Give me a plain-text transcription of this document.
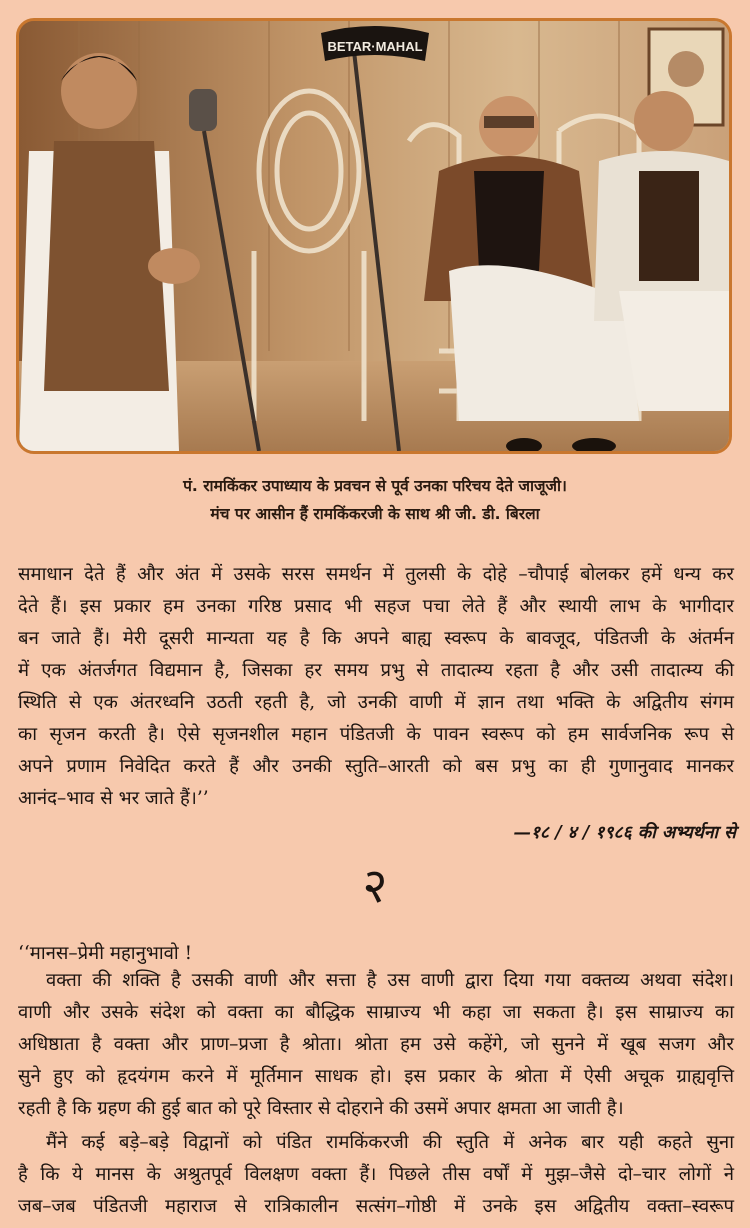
BETAR·MAHAL
पं. रामकिंकर उपाध्याय के प्रवचन से पूर्व उनका परिचय देते जाजूजी।
मंच पर आसीन हैं रामकिंकरजी के साथ श्री जी. डी. बिरला
समाधान देते हैं और अंत में उसके सरस समर्थन में तुलसी के दोहे –चौपाई बोलकर हमें धन्य कर
देते हैं। इस प्रकार हम उनका गरिष्ठ प्रसाद भी सहज पचा लेते हैं और स्थायी लाभ के भागीदार
बन जाते हैं। मेरी दूसरी मान्यता यह है कि अपने बाह्य स्वरूप के बावजूद, पंडितजी के अंतर्मन
में एक अंतर्जगत विद्यमान है, जिसका हर समय प्रभु से तादात्म्य रहता है और उसी तादात्म्य की
स्थिति से एक अंतरध्वनि उठती रहती है, जो उनकी वाणी में ज्ञान तथा भक्ति के अद्वितीय संगम
का सृजन करती है। ऐसे सृजनशील महान पंडितजी के पावन स्वरूप को हम सार्वजनिक रूप से
अपने प्रणाम निवेदित करते हैं और उनकी स्तुति–आरती को बस प्रभु का ही गुणानुवाद मानकर
आनंद–भाव से भर जाते हैं।’’
—१८ / ४ / १९८६ की अभ्यर्थना से
२
‘‘मानस–प्रेमी महानुभावो !
वक्ता की शक्ति है उसकी वाणी और सत्ता है उस वाणी द्वारा दिया गया वक्तव्य अथवा संदेश।
वाणी और उसके संदेश को वक्ता का बौद्धिक साम्राज्य भी कहा जा सकता है। इस साम्राज्य का
अधिष्ठाता है वक्ता और प्राण–प्रजा है श्रोता। श्रोता हम उसे कहेंगे, जो सुनने में खूब सजग और
सुने हुए को हृदयंगम करने में मूर्तिमान साधक हो। इस प्रकार के श्रोता में ऐसी अचूक ग्राह्यवृत्ति
रहती है कि ग्रहण की हुई बात को पूरे विस्तार से दोहराने की उसमें अपार क्षमता आ जाती है।
मैंने कई बड़े–बड़े विद्वानों को पंडित रामकिंकरजी की स्तुति में अनेक बार यही कहते सुना
है कि ये मानस के अश्रुतपूर्व विलक्षण वक्ता हैं। पिछले तीस वर्षों में मुझ–जैसे दो–चार लोगों ने
जब–जब पंडितजी महाराज से रात्रिकालीन सत्संग–गोष्ठी में उनके इस अद्वितीय वक्ता–स्वरूप
